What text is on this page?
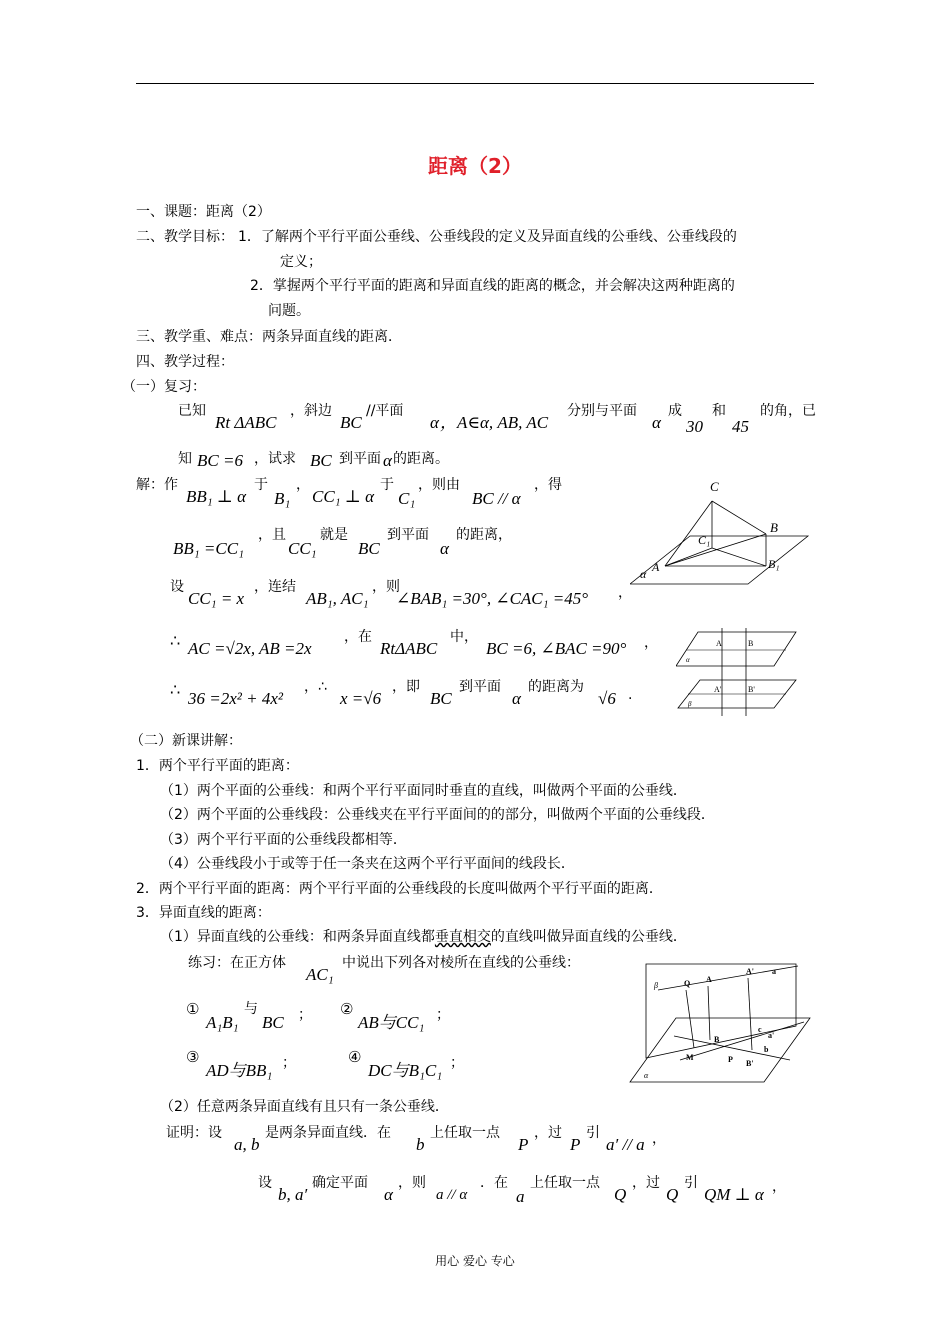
距离（2）
一、课题：距离（2）
二、教学目标： 1．了解两个平行平面公垂线、公垂线段的定义及异面直线的公垂线、公垂线段的
定义；
2．掌握两个平行平面的距离和异面直线的距离的概念，并会解决这两种距离的
问题。
三、教学重、难点：两条异面直线的距离．
四、教学过程：
（一）复习：
已知
Rt ΔABC
，斜边
BC
//平面
α ，A∈α, AB, AC
分别与平面
α
成
30
和
45
的角，已
知 BC =6 ，试求 BC 到平面 α 的距离。
解：作
BB₁ ⊥ α
于
B₁
，
CC₁ ⊥ α
于
C₁
，则由
BC // α
，得
BB₁ =CC₁
，且
CC₁
就是
BC
到平面
α
的距离，
设
CC₁ = x
，连结
AB₁, AC₁
，则
∠BAB₁ =30°, ∠CAC₁ =45° ，
∴ AC =√2x, AB =2x
，在
RtΔABC
中，
BC =6, ∠BAC =90° ，
∴ 36 =2x² + 4x²
，∴
x =√6
，即
BC
到平面
α
的距离为
√6 .
C
B
C₁
B₁
A
α
A	B
A'	B'
α
β
（二）新课讲解：
1．两个平行平面的距离：
（1）两个平面的公垂线：和两个平行平面同时垂直的直线，叫做两个平面的公垂线．
（2）两个平面的公垂线段：公垂线夹在平行平面间的的部分，叫做两个平面的公垂线段．
（3）两个平行平面的公垂线段都相等．
（4）公垂线段小于或等于任一条夹在这两个平行平面间的线段长．
2．两个平行平面的距离：两个平行平面的公垂线段的长度叫做两个平行平面的距离．
3．异面直线的距离：
（1）异面直线的公垂线：和两条异面直线都垂直相交的直线叫做异面直线的公垂线．
练习：在正方体
AC₁
中说出下列各对棱所在直线的公垂线：
①
A₁B₁
与
BC ； ②
AB与CC₁ ；
③
AD与BB₁ ；	④
DC与B₁C₁ ；
β	Q A
A' a
B
c
a'
M	P
b
B'
α
（2）任意两条异面直线有且只有一条公垂线．
证明：设
a, b
是两条异面直线．在
b
上任取一点
P
，过
P
引
a′ // a ，
设
b, a′
确定平面
α
，则
a // α
．在
a
上任取一点
Q
，过
Q
引
QM ⊥ α ，
用心 爱心 专心
